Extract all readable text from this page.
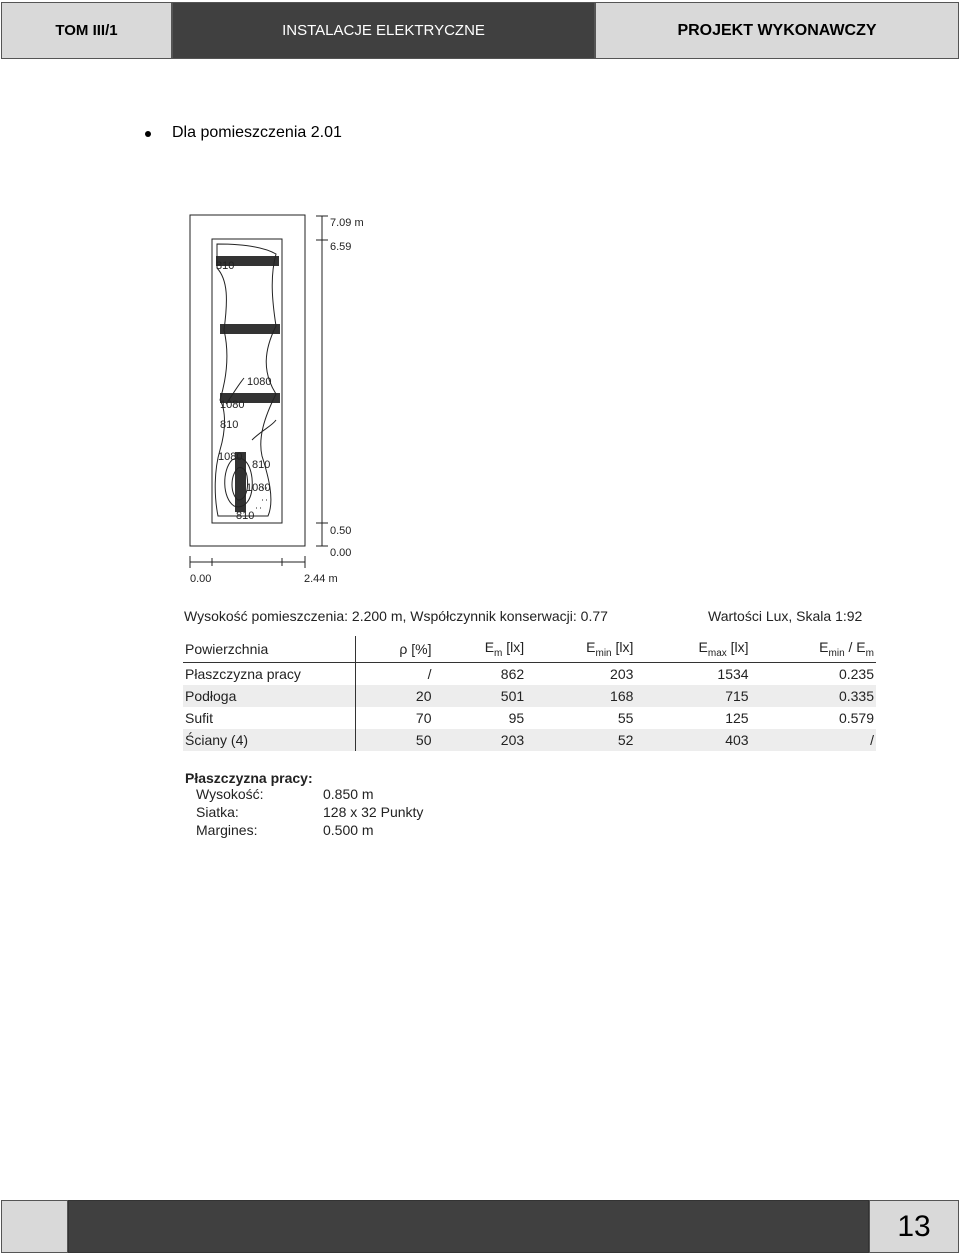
TOM III/1	INSTALACJE ELEKTRYCZNE	PROJEKT WYKONAWCZY
Dla pomieszczenia 2.01
810
1080
1080
810
1080
810
1080
810
7.09 m
6.59
0.50
0.00
0.00	2.44 m
Wysokość pomieszczenia: 2.200 m, Współczynnik konserwacji: 0.77	Wartości Lux, Skala 1:92
Powierzchnia	ρ [%]	$E_m$ [lx]	$E_{min}$ [lx]	$E_{max}$ [lx]	$E_{min} / E_m$
Płaszczyzna pracy	/	862	203	1534	0.235
Podłoga	20	501	168	715	0.335
Sufit	70	95	55	125	0.579
Ściany (4)	50	203	52	403	/
Płaszczyzna pracy:
Wysokość:	0.850 m
Siatka:	128 x 32 Punkty
Margines:	0.500 m
13
